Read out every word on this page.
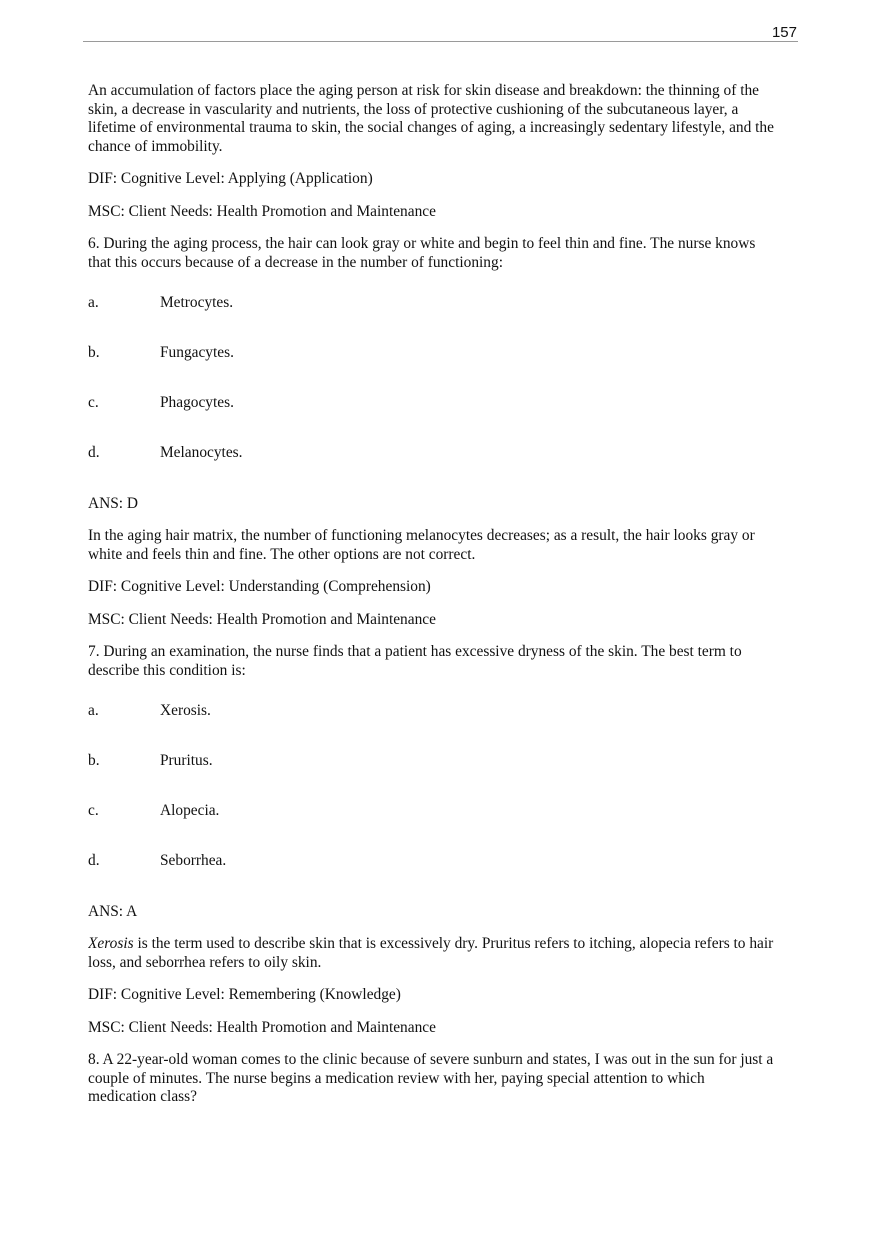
157
An accumulation of factors place the aging person at risk for skin disease and breakdown: the thinning of the
skin, a decrease in vascularity and nutrients, the loss of protective cushioning of the subcutaneous layer, a
lifetime of environmental trauma to skin, the social changes of aging, a increasingly sedentary lifestyle, and the
chance of immobility.
DIF: Cognitive Level: Applying (Application)
MSC: Client Needs: Health Promotion and Maintenance
6. During the aging process, the hair can look gray or white and begin to feel thin and fine. The nurse knows
that this occurs because of a decrease in the number of functioning:
a.	Metrocytes.
b.	Fungacytes.
c.	Phagocytes.
d.	Melanocytes.
ANS: D
In the aging hair matrix, the number of functioning melanocytes decreases; as a result, the hair looks gray or
white and feels thin and fine. The other options are not correct.
DIF: Cognitive Level: Understanding (Comprehension)
MSC: Client Needs: Health Promotion and Maintenance
7. During an examination, the nurse finds that a patient has excessive dryness of the skin. The best term to
describe this condition is:
a.	Xerosis.
b.	Pruritus.
c.	Alopecia.
d.	Seborrhea.
ANS: A
Xerosis is the term used to describe skin that is excessively dry. Pruritus refers to itching, alopecia refers to hair
loss, and seborrhea refers to oily skin.
DIF: Cognitive Level: Remembering (Knowledge)
MSC: Client Needs: Health Promotion and Maintenance
8. A 22-year-old woman comes to the clinic because of severe sunburn and states, I was out in the sun for just a
couple of minutes. The nurse begins a medication review with her, paying special attention to which
medication class?
